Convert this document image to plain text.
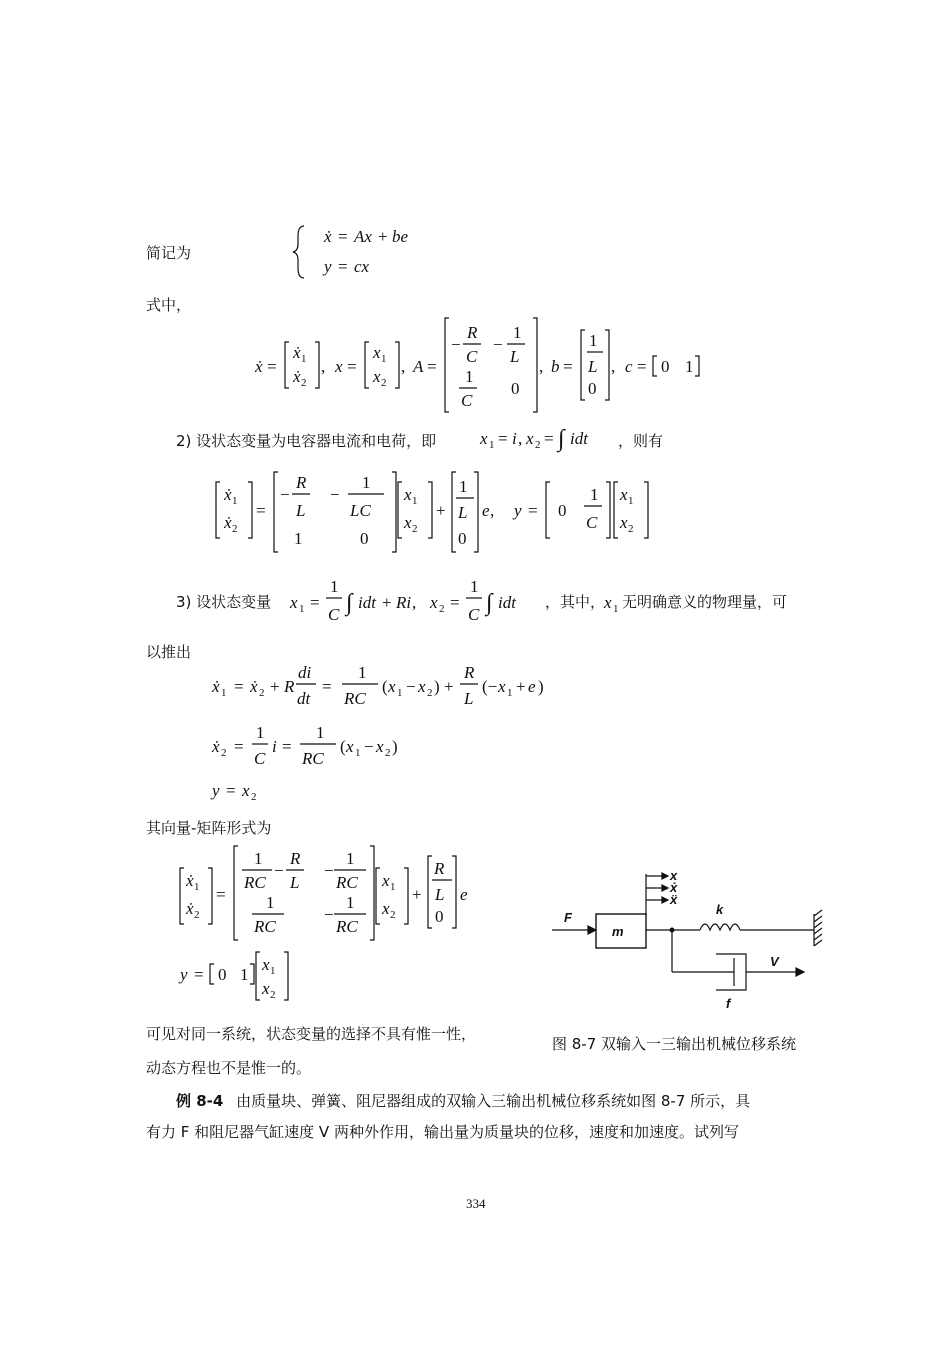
简记为
ẋ = Ax + be
y = cx
式中，
ẋ =
ẋ 1
ẋ 2
, x =
x 1
x 2
, A =
−
R
C
−
1
L
1
C
0
, b =
1
L
0
, c = 0 1
2) 设状态变量为电容器电流和电荷，即	x 1 = i , x 2 = ∫ idt ，则有
ẋ 1
ẋ 2
=
−
R
L
−
1
LC
1	0
x 1
x 2
+
1
L
0
e , y = 0
1
C
x 1
x 2
3) 设状态变量 x 1 =
1
C ∫ idt + Ri , x 2 =
1
C ∫ idt ，其中，
x 1 无明确意义的物理量，可
以推出
ẋ 1 = ẋ 2 + R
di
dt
=
1
RC
( x 1 − x 2 ) +
R
L
(− x 1 + e )
ẋ 2 =
1
C
i =
1
RC
( x 1 − x 2 )
y = x 2
其向量-矩阵形式为
ẋ 1
ẋ 2
=
1
RC
−
R
L
−
1
RC
1
RC
−
1
RC
x 1
x 2
+
R
L
0
e
y = 0 1
x 1
x 2
F
m
x
ẋ
ẍ
k
V
f
可见对同一系统，状态变量的选择不具有惟一性，
图 8-7 双输入一三输出机械位移系统
动态方程也不是惟一的。
例 8-4 由质量块、弹簧、阻尼器组成的双输入三输出机械位移系统如图 8-7 所示，具
有力 F 和阻尼器气缸速度 V 两种外作用，输出量为质量块的位移，速度和加速度。试列写
334
